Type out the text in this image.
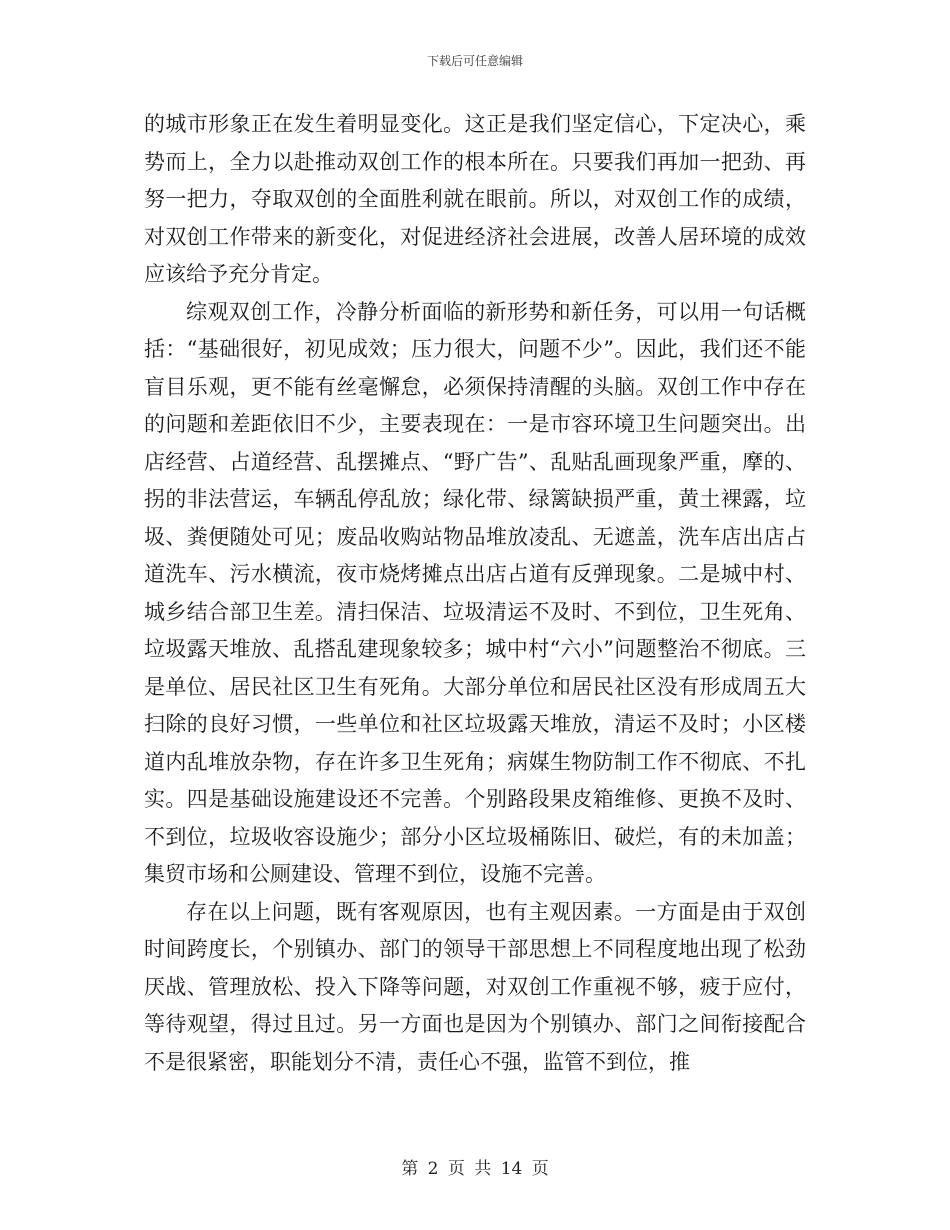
下载后可任意编辑

的城市形象正在发生着明显变化。这正是我们坚定信心，下定决心，乘势而上，全力以赴推动双创工作的根本所在。只要我们再加一把劲、再努一把力，夺取双创的全面胜利就在眼前。所以，对双创工作的成绩，对双创工作带来的新变化，对促进经济社会进展，改善人居环境的成效应该给予充分肯定。

综观双创工作，冷静分析面临的新形势和新任务，可以用一句话概括：“基础很好，初见成效；压力很大，问题不少”。因此，我们还不能盲目乐观，更不能有丝毫懈怠，必须保持清醒的头脑。双创工作中存在的问题和差距依旧不少，主要表现在：一是市容环境卫生问题突出。出店经营、占道经营、乱摆摊点、“野广告”、乱贴乱画现象严重，摩的、拐的非法营运，车辆乱停乱放；绿化带、绿篱缺损严重，黄土裸露，垃圾、粪便随处可见；废品收购站物品堆放凌乱、无遮盖，洗车店出店占道洗车、污水横流，夜市烧烤摊点出店占道有反弹现象。二是城中村、城乡结合部卫生差。清扫保洁、垃圾清运不及时、不到位，卫生死角、垃圾露天堆放、乱搭乱建现象较多；城中村“六小”问题整治不彻底。三是单位、居民社区卫生有死角。大部分单位和居民社区没有形成周五大扫除的良好习惯，一些单位和社区垃圾露天堆放，清运不及时；小区楼道内乱堆放杂物，存在许多卫生死角；病媒生物防制工作不彻底、不扎实。四是基础设施建设还不完善。个别路段果皮箱维修、更换不及时、不到位，垃圾收容设施少；部分小区垃圾桶陈旧、破烂，有的未加盖；集贸市场和公厕建设、管理不到位，设施不完善。

存在以上问题，既有客观原因，也有主观因素。一方面是由于双创时间跨度长，个别镇办、部门的领导干部思想上不同程度地出现了松劲厌战、管理放松、投入下降等问题，对双创工作重视不够，疲于应付，等待观望，得过且过。另一方面也是因为个别镇办、部门之间衔接配合不是很紧密，职能划分不清，责任心不强，监管不到位，推

第 2 页 共 14 页
